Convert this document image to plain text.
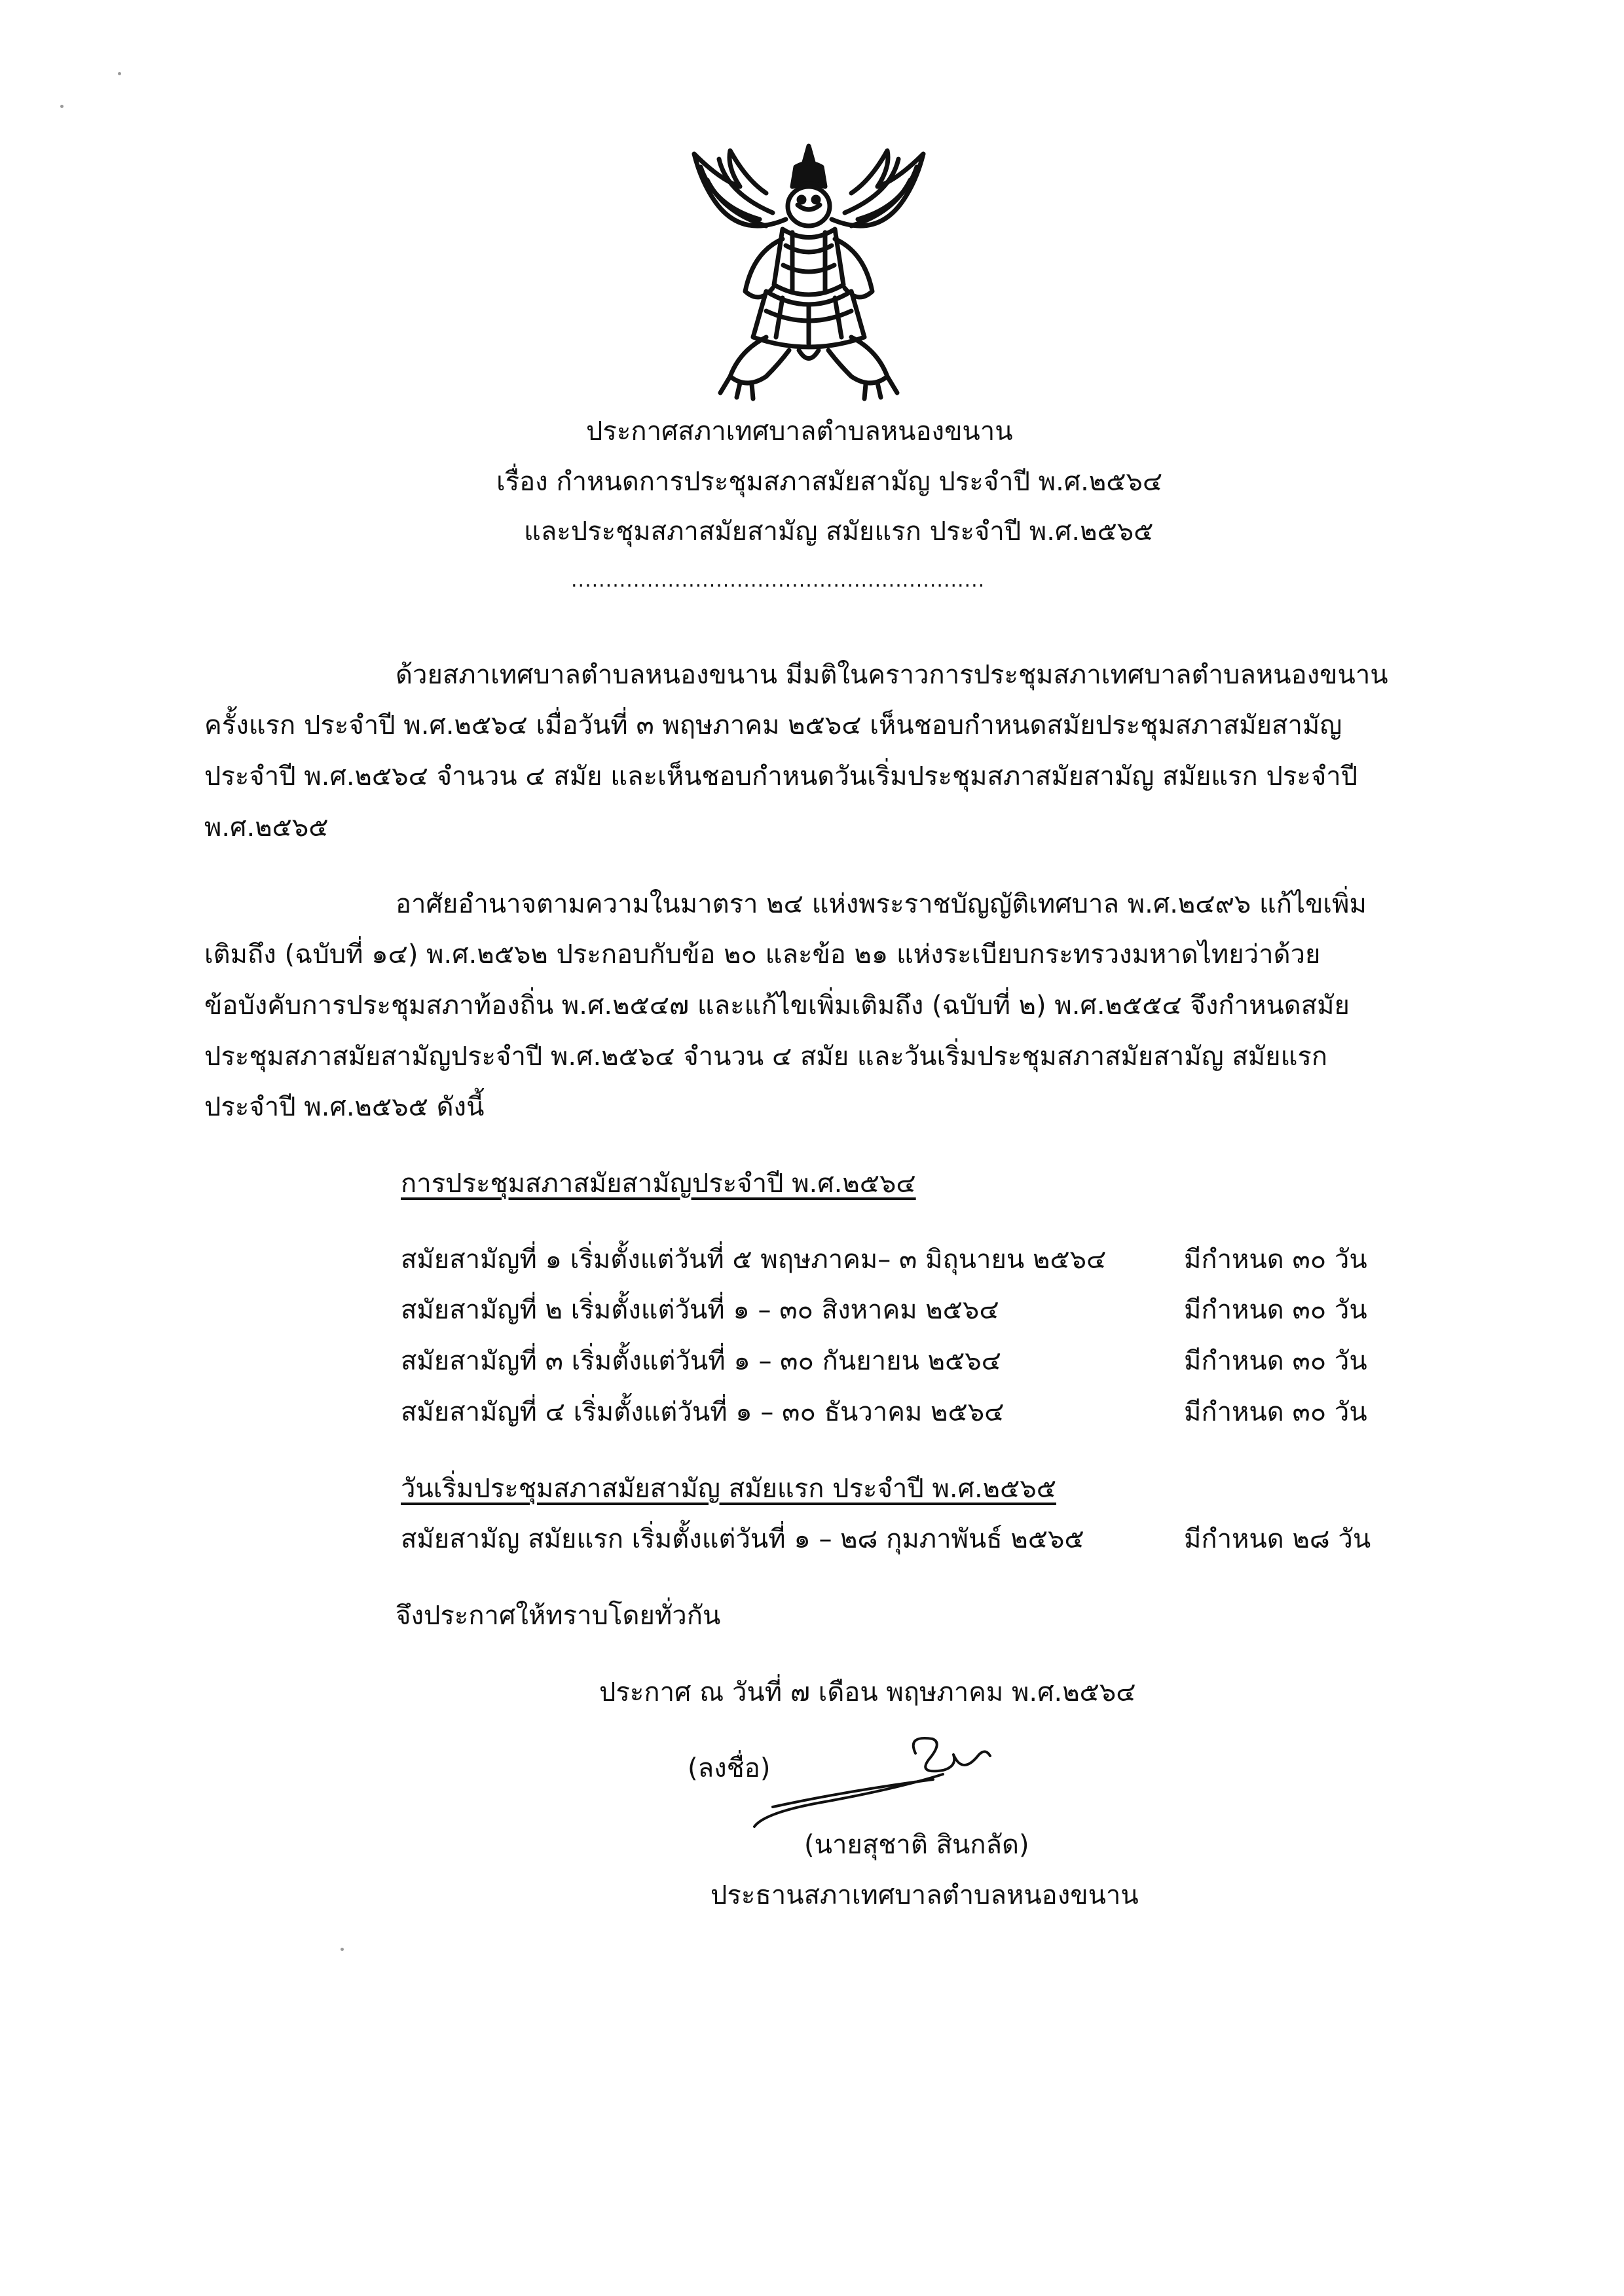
ประกาศสภาเทศบาลตำบลหนองขนาน
เรื่อง กำหนดการประชุมสภาสมัยสามัญ ประจำปี พ.ศ.๒๕๖๔
และประชุมสภาสมัยสามัญ สมัยแรก ประจำปี พ.ศ.๒๕๖๕
............................................................
ด้วยสภาเทศบาลตำบลหนองขนาน มีมติในคราวการประชุมสภาเทศบาลตำบลหนองขนาน
ครั้งแรก ประจำปี พ.ศ.๒๕๖๔ เมื่อวันที่ ๓ พฤษภาคม ๒๕๖๔ เห็นชอบกำหนดสมัยประชุมสภาสมัยสามัญ
ประจำปี พ.ศ.๒๕๖๔ จำนวน ๔ สมัย และเห็นชอบกำหนดวันเริ่มประชุมสภาสมัยสามัญ สมัยแรก ประจำปี
พ.ศ.๒๕๖๕
อาศัยอำนาจตามความในมาตรา ๒๔ แห่งพระราชบัญญัติเทศบาล พ.ศ.๒๔๙๖ แก้ไขเพิ่ม
เติมถึง (ฉบับที่ ๑๔) พ.ศ.๒๕๖๒ ประกอบกับข้อ ๒๐ และข้อ ๒๑ แห่งระเบียบกระทรวงมหาดไทยว่าด้วย
ข้อบังคับการประชุมสภาท้องถิ่น พ.ศ.๒๕๔๗ และแก้ไขเพิ่มเติมถึง (ฉบับที่ ๒) พ.ศ.๒๕๕๔ จึงกำหนดสมัย
ประชุมสภาสมัยสามัญประจำปี พ.ศ.๒๕๖๔ จำนวน ๔ สมัย และวันเริ่มประชุมสภาสมัยสามัญ สมัยแรก
ประจำปี พ.ศ.๒๕๖๕ ดังนี้
การประชุมสภาสมัยสามัญประจำปี พ.ศ.๒๕๖๔
สมัยสามัญที่ ๑ เริ่มตั้งแต่วันที่ ๕ พฤษภาคม– ๓ มิถุนายน ๒๕๖๔	มีกำหนด ๓๐ วัน
สมัยสามัญที่ ๒ เริ่มตั้งแต่วันที่ ๑ – ๓๐ สิงหาคม ๒๕๖๔	มีกำหนด ๓๐ วัน
สมัยสามัญที่ ๓ เริ่มตั้งแต่วันที่ ๑ – ๓๐ กันยายน ๒๕๖๔	มีกำหนด ๓๐ วัน
สมัยสามัญที่ ๔ เริ่มตั้งแต่วันที่ ๑ – ๓๐ ธันวาคม ๒๕๖๔	มีกำหนด ๓๐ วัน
วันเริ่มประชุมสภาสมัยสามัญ สมัยแรก ประจำปี พ.ศ.๒๕๖๕
สมัยสามัญ สมัยแรก เริ่มตั้งแต่วันที่ ๑ – ๒๘ กุมภาพันธ์ ๒๕๖๕	มีกำหนด ๒๘ วัน
จึงประกาศให้ทราบโดยทั่วกัน
ประกาศ ณ วันที่ ๗ เดือน พฤษภาคม พ.ศ.๒๕๖๔
(ลงชื่อ)
(นายสุชาติ สินกลัด)
ประธานสภาเทศบาลตำบลหนองขนาน
